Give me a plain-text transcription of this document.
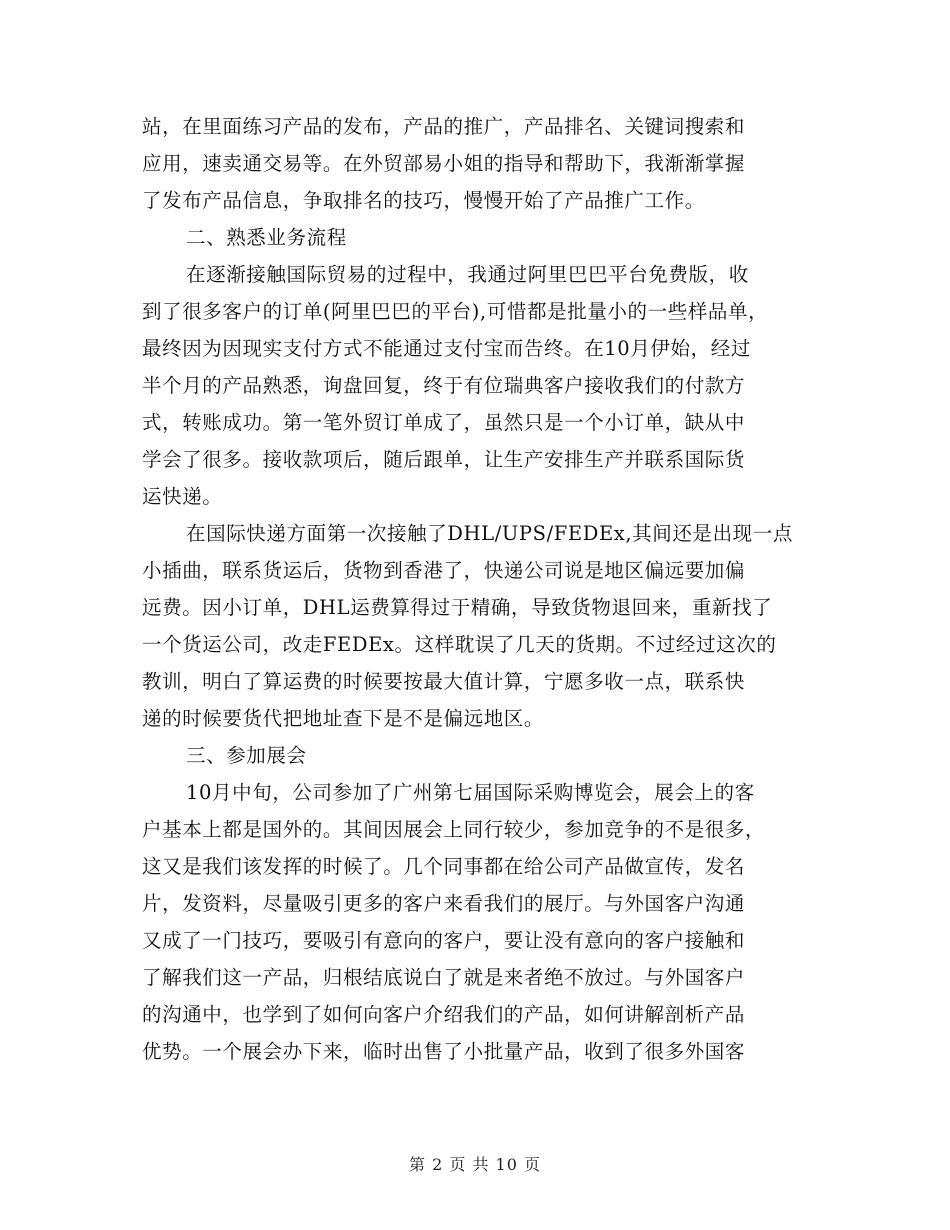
站，在里面练习产品的发布，产品的推广，产品排名、关键词搜索和
应用，速卖通交易等。在外贸部易小姐的指导和帮助下，我渐渐掌握
了发布产品信息，争取排名的技巧，慢慢开始了产品推广工作。
二、熟悉业务流程
在逐渐接触国际贸易的过程中，我通过阿里巴巴平台免费版，收
到了很多客户的订单(阿里巴巴的平台),可惜都是批量小的一些样品单，
最终因为因现实支付方式不能通过支付宝而告终。在10月伊始，经过
半个月的产品熟悉，询盘回复，终于有位瑞典客户接收我们的付款方
式，转账成功。第一笔外贸订单成了，虽然只是一个小订单，缺从中
学会了很多。接收款项后，随后跟单，让生产安排生产并联系国际货
运快递。
在国际快递方面第一次接触了DHL/UPS/FEDEx,其间还是出现一点
小插曲，联系货运后，货物到香港了，快递公司说是地区偏远要加偏
远费。因小订单，DHL运费算得过于精确，导致货物退回来，重新找了
一个货运公司，改走FEDEx。这样耽误了几天的货期。不过经过这次的
教训，明白了算运费的时候要按最大值计算，宁愿多收一点，联系快
递的时候要货代把地址查下是不是偏远地区。
三、参加展会
10月中旬，公司参加了广州第七届国际采购博览会，展会上的客
户基本上都是国外的。其间因展会上同行较少，参加竞争的不是很多，
这又是我们该发挥的时候了。几个同事都在给公司产品做宣传，发名
片，发资料，尽量吸引更多的客户来看我们的展厅。与外国客户沟通
又成了一门技巧，要吸引有意向的客户，要让没有意向的客户接触和
了解我们这一产品，归根结底说白了就是来者绝不放过。与外国客户
的沟通中，也学到了如何向客户介绍我们的产品，如何讲解剖析产品
优势。一个展会办下来，临时出售了小批量产品，收到了很多外国客
第 2 页 共 10 页
